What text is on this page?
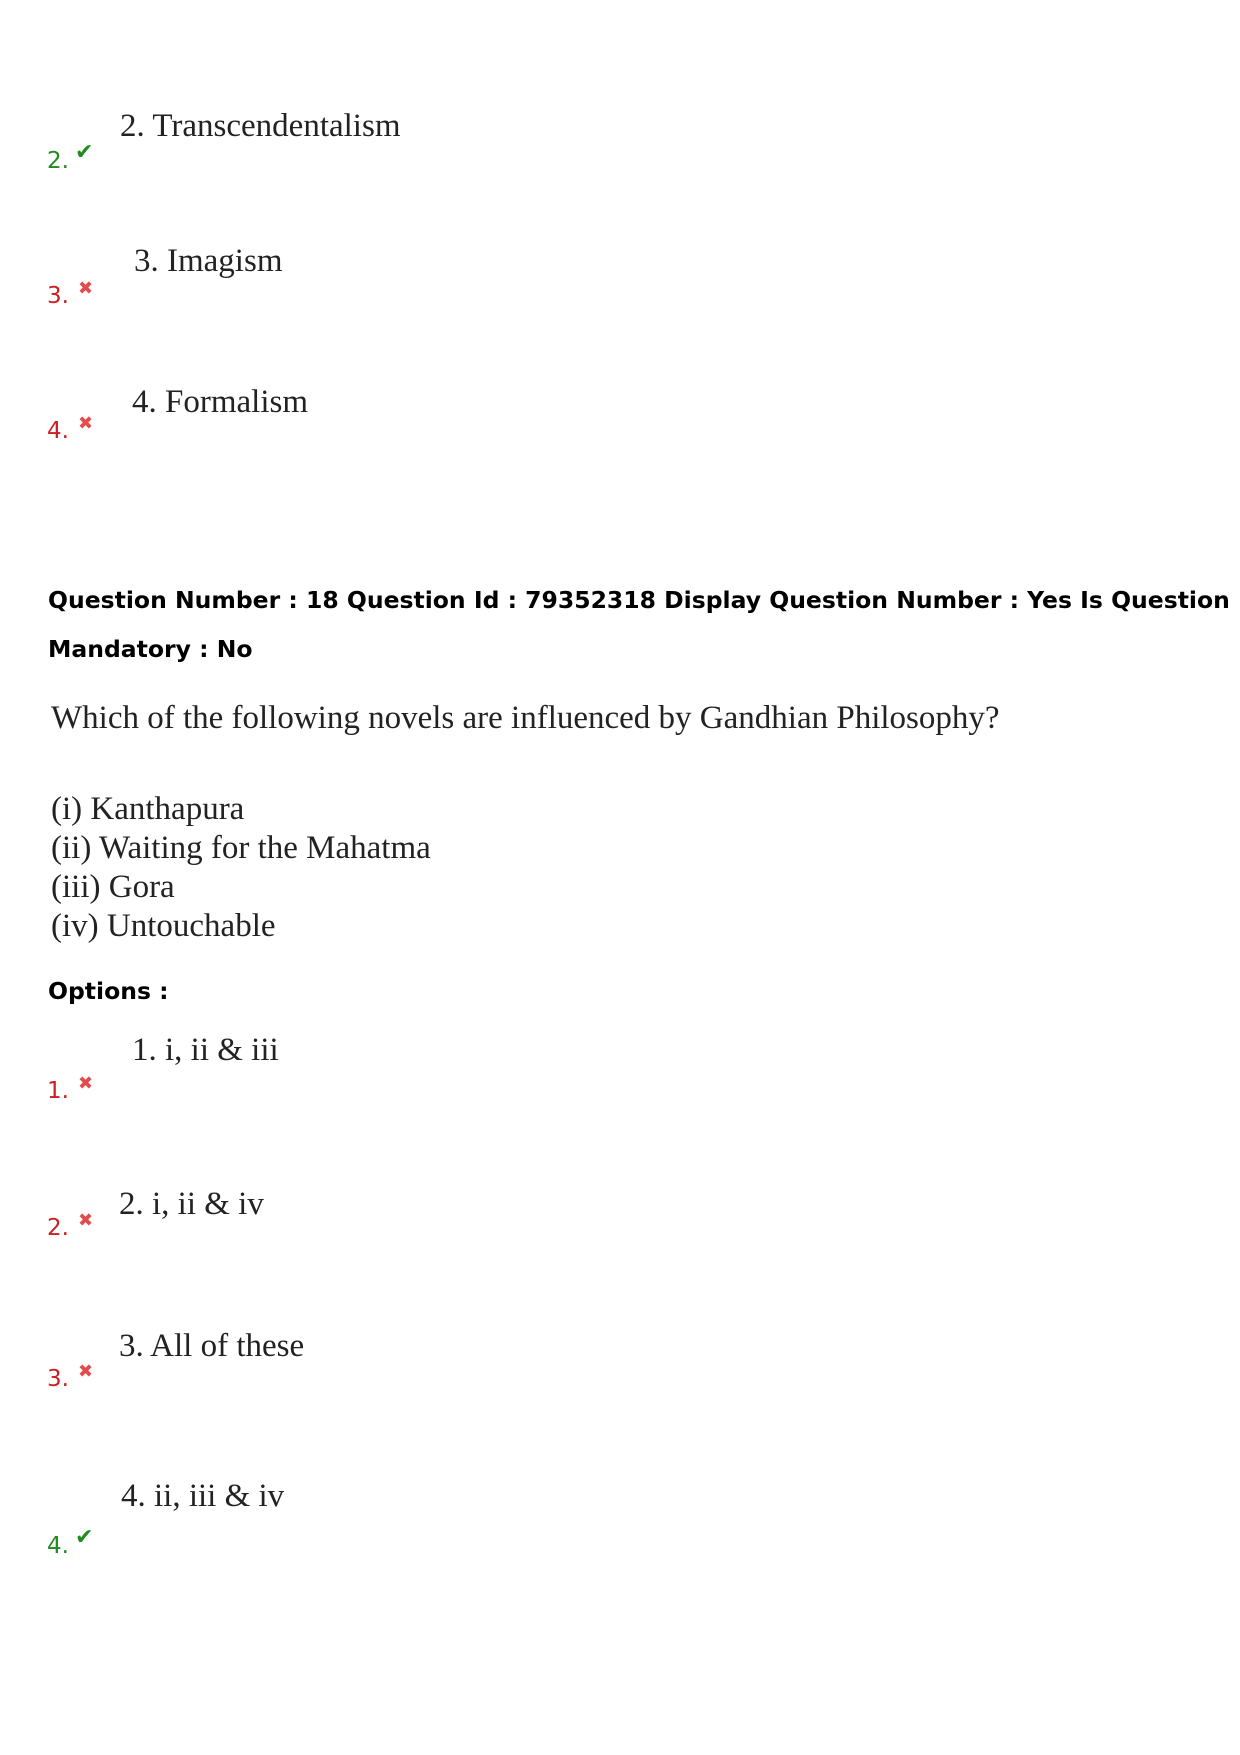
2. Transcendentalism
2. ✔
3. Imagism
3. ✖
4. Formalism
4. ✖
Question Number : 18 Question Id : 79352318 Display Question Number : Yes Is Question
Mandatory : No
Which of the following novels are influenced by Gandhian Philosophy?
(i) Kanthapura
(ii) Waiting for the Mahatma
(iii) Gora
(iv) Untouchable
Options :
1. i, ii & iii
1. ✖
2. i, ii & iv
2. ✖
3. All of these
3. ✖
4. ii, iii & iv
4. ✔
